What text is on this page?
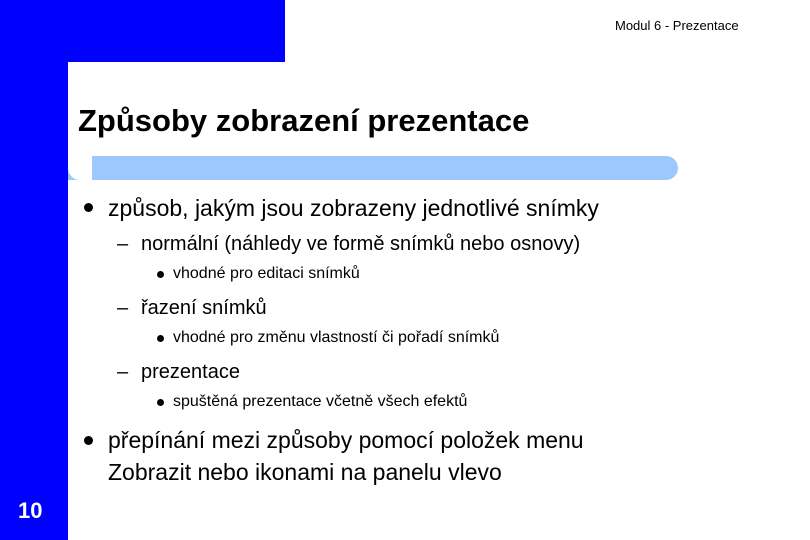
Modul 6 - Prezentace
Způsoby zobrazení prezentace
způsob, jakým jsou zobrazeny jednotlivé snímky
– normální (náhledy ve formě snímků nebo osnovy)
vhodné pro editaci snímků
– řazení snímků
vhodné pro změnu vlastností či pořadí snímků
– prezentace
spuštěná prezentace včetně všech efektů
přepínání mezi způsoby pomocí položek menu
Zobrazit nebo ikonami na panelu vlevo
10
